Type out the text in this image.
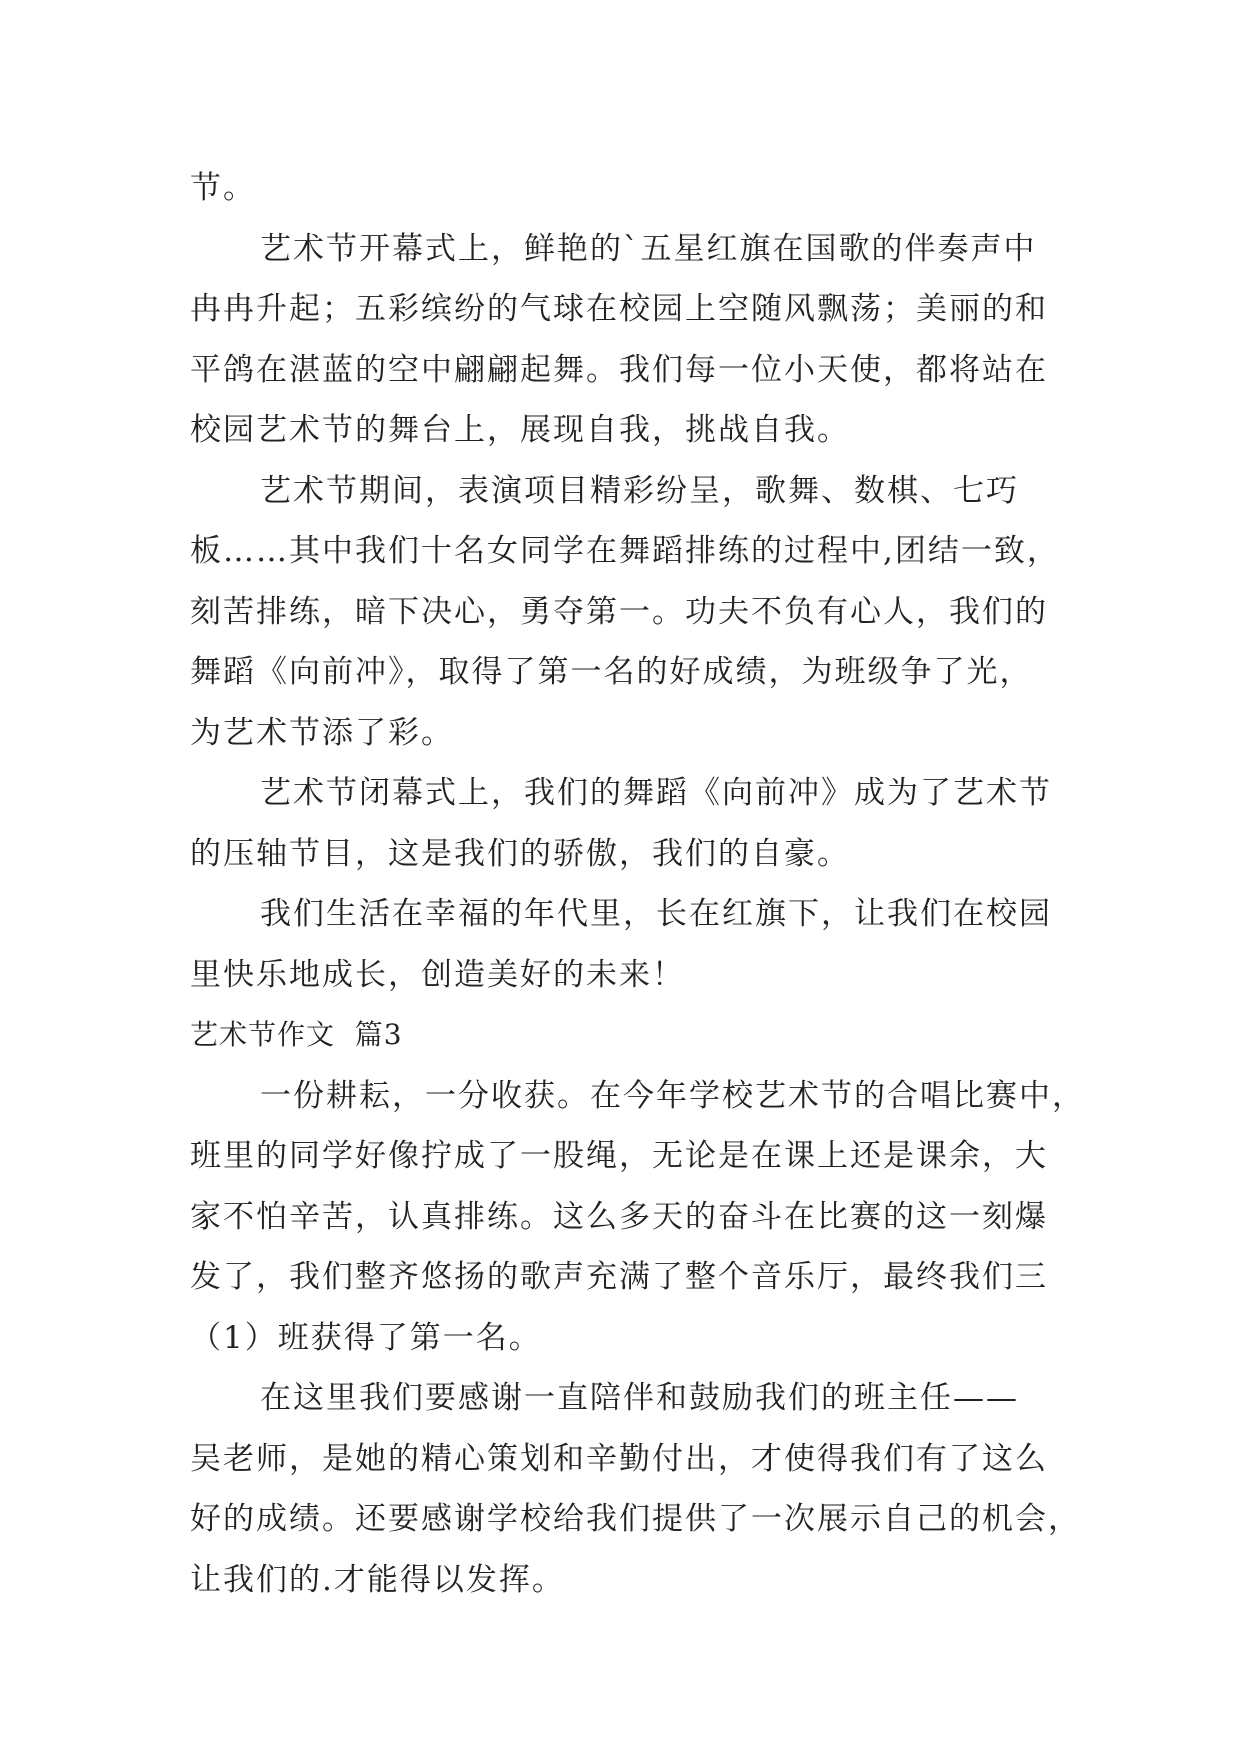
节。
艺术节开幕式上，鲜艳的`五星红旗在国歌的伴奏声中
冉冉升起；五彩缤纷的气球在校园上空随风飘荡；美丽的和
平鸽在湛蓝的空中翩翩起舞。我们每一位小天使，都将站在
校园艺术节的舞台上，展现自我，挑战自我。
艺术节期间，表演项目精彩纷呈，歌舞、数棋、七巧
板……其中我们十名女同学在舞蹈排练的过程中,团结一致，
刻苦排练，暗下决心，勇夺第一。功夫不负有心人，我们的
舞蹈《向前冲》，取得了第一名的好成绩，为班级争了光，
为艺术节添了彩。
艺术节闭幕式上，我们的舞蹈《向前冲》成为了艺术节
的压轴节目，这是我们的骄傲，我们的自豪。
我们生活在幸福的年代里，长在红旗下，让我们在校园
里快乐地成长，创造美好的未来！
艺术节作文  篇3
一份耕耘，一分收获。在今年学校艺术节的合唱比赛中，
班里的同学好像拧成了一股绳，无论是在课上还是课余，大
家不怕辛苦，认真排练。这么多天的奋斗在比赛的这一刻爆
发了，我们整齐悠扬的歌声充满了整个音乐厅，最终我们三
（1）班获得了第一名。
在这里我们要感谢一直陪伴和鼓励我们的班主任——
吴老师，是她的精心策划和辛勤付出，才使得我们有了这么
好的成绩。还要感谢学校给我们提供了一次展示自己的机会，
让我们的.才能得以发挥。
